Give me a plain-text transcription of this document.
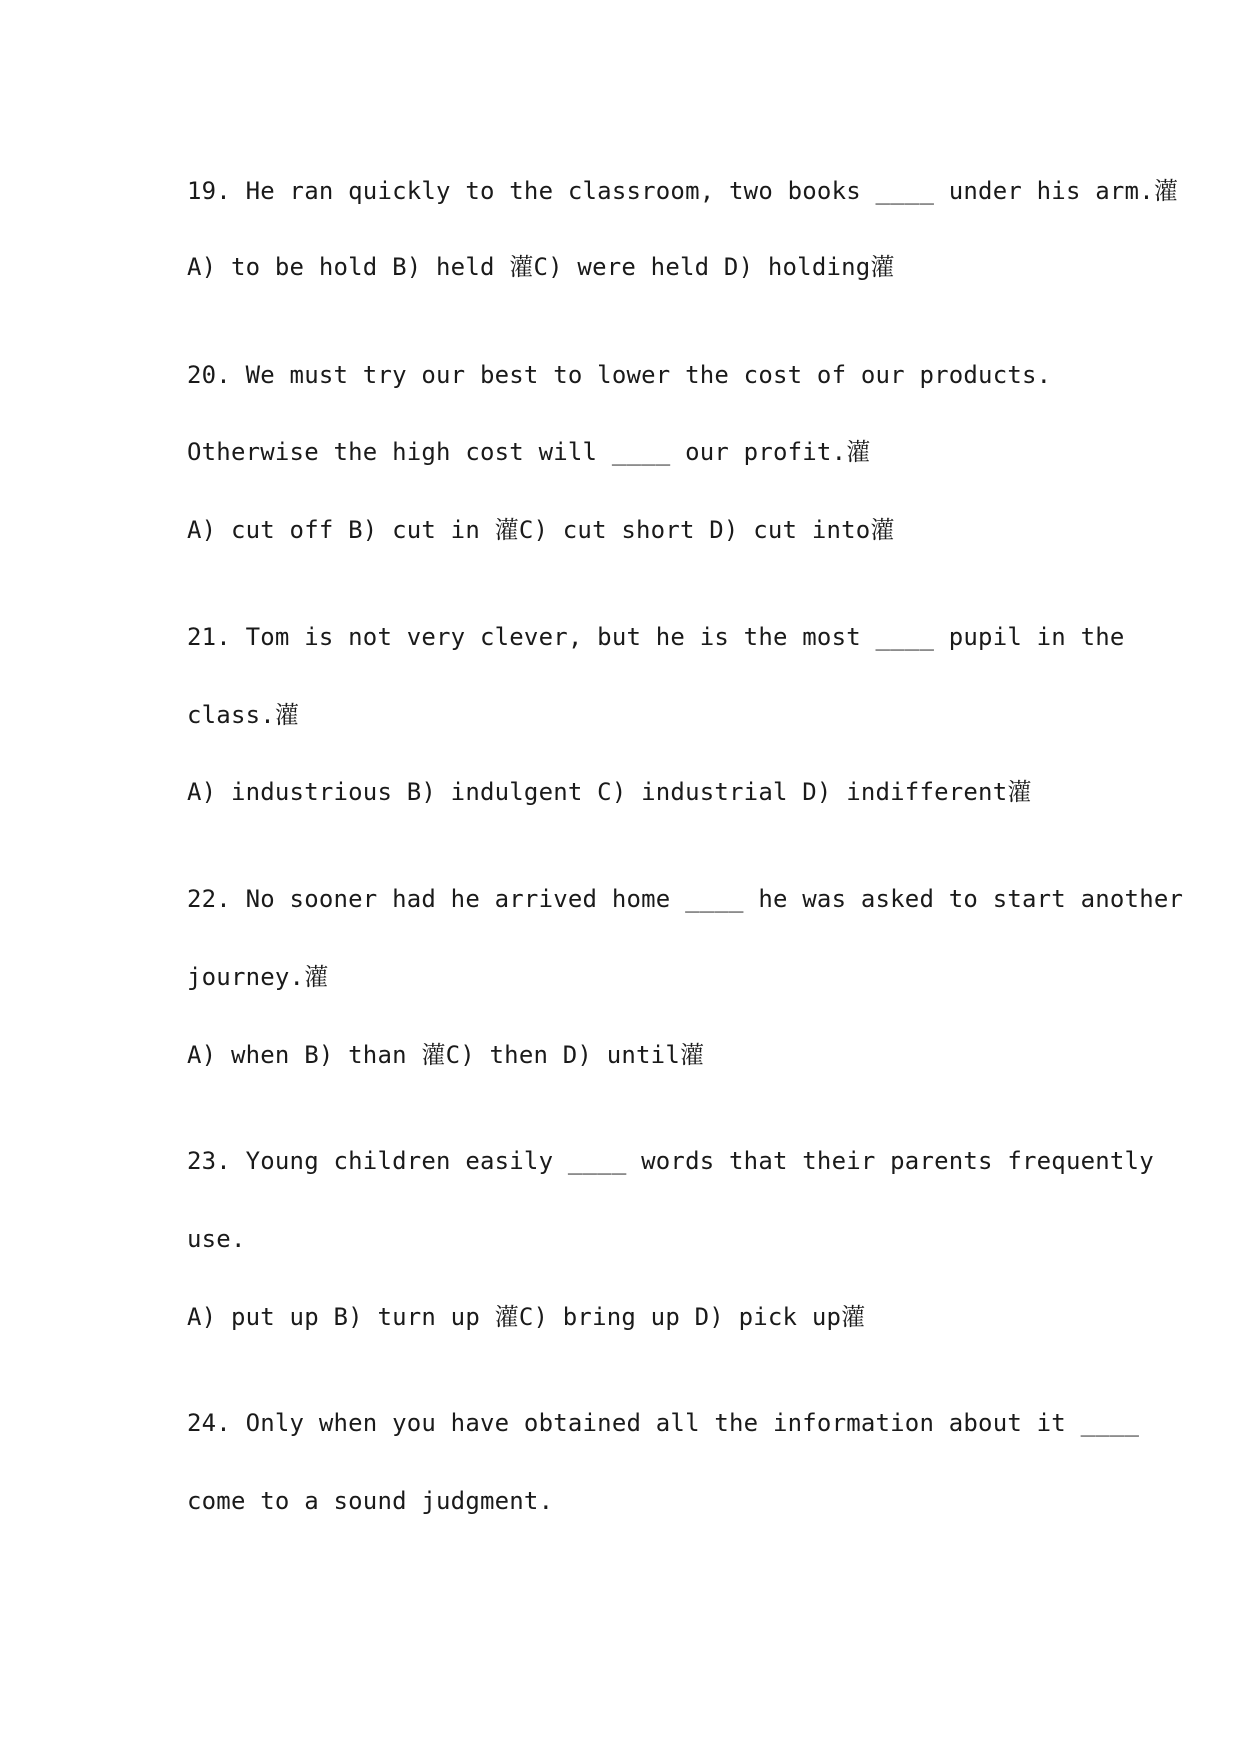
19. He ran quickly to the classroom, two books ____ under his arm.灌
A) to be hold B) held 灌C) were held D) holding灌
20. We must try our best to lower the cost of our products.
Otherwise the high cost will ____ our profit.灌
A) cut off B) cut in 灌C) cut short D) cut into灌
21. Tom is not very clever, but he is the most ____ pupil in the
class.灌
A) industrious B) indulgent C) industrial D) indifferent灌
22. No sooner had he arrived home ____ he was asked to start another
journey.灌
A) when B) than 灌C) then D) until灌
23. Young children easily ____ words that their parents frequently
use.
A) put up B) turn up 灌C) bring up D) pick up灌
24. Only when you have obtained all the information about it ____
come to a sound judgment.
